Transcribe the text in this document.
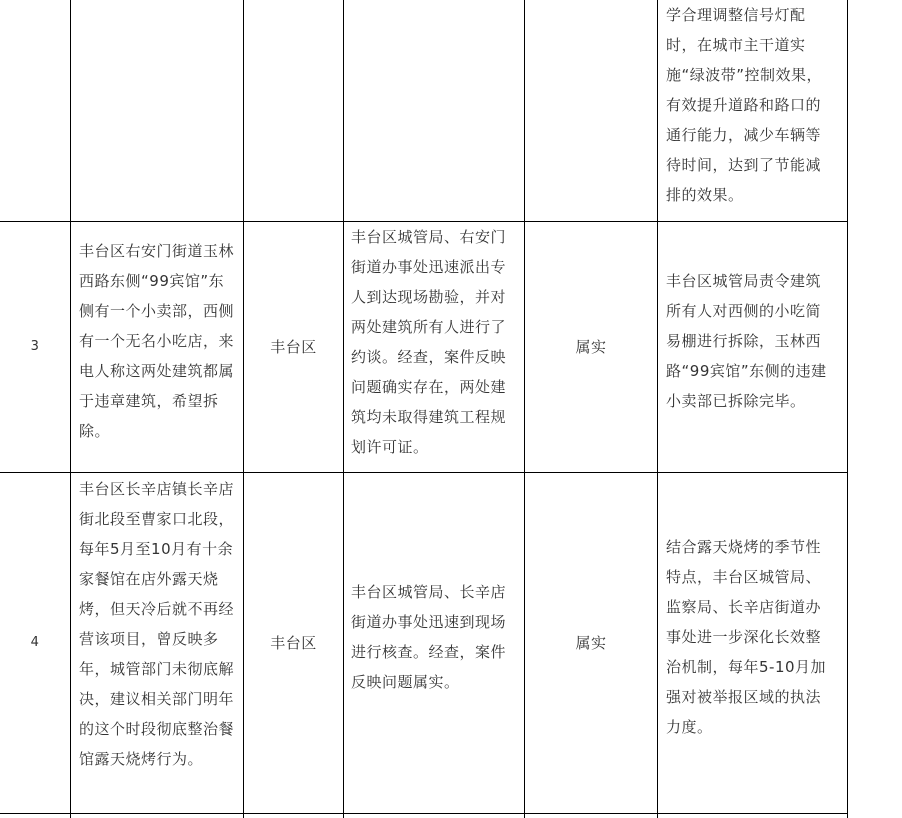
学合理调整信号灯配时，在城市主干道实施“绿波带”控制效果，有效提升道路和路口的通行能力，减少车辆等待时间，达到了节能减排的效果。
3
丰台区右安门街道玉林西路东侧“99宾馆”东侧有一个小卖部，西侧有一个无名小吃店，来电人称这两处建筑都属于违章建筑，希望拆除。
丰台区
丰台区城管局、右安门街道办事处迅速派出专人到达现场勘验，并对两处建筑所有人进行了约谈。经查，案件反映问题确实存在，两处建筑均未取得建筑工程规划许可证。
属实
丰台区城管局责令建筑所有人对西侧的小吃简易棚进行拆除，玉林西路“99宾馆”东侧的违建小卖部已拆除完毕。
4
丰台区长辛店镇长辛店街北段至曹家口北段，每年5月至10月有十余家餐馆在店外露天烧烤，但天冷后就不再经营该项目，曾反映多年，城管部门未彻底解决，建议相关部门明年的这个时段彻底整治餐馆露天烧烤行为。
丰台区
丰台区城管局、长辛店街道办事处迅速到现场进行核查。经查，案件反映问题属实。
属实
结合露天烧烤的季节性特点，丰台区城管局、监察局、长辛店街道办事处进一步深化长效整治机制，每年5-10月加强对被举报区域的执法力度。
